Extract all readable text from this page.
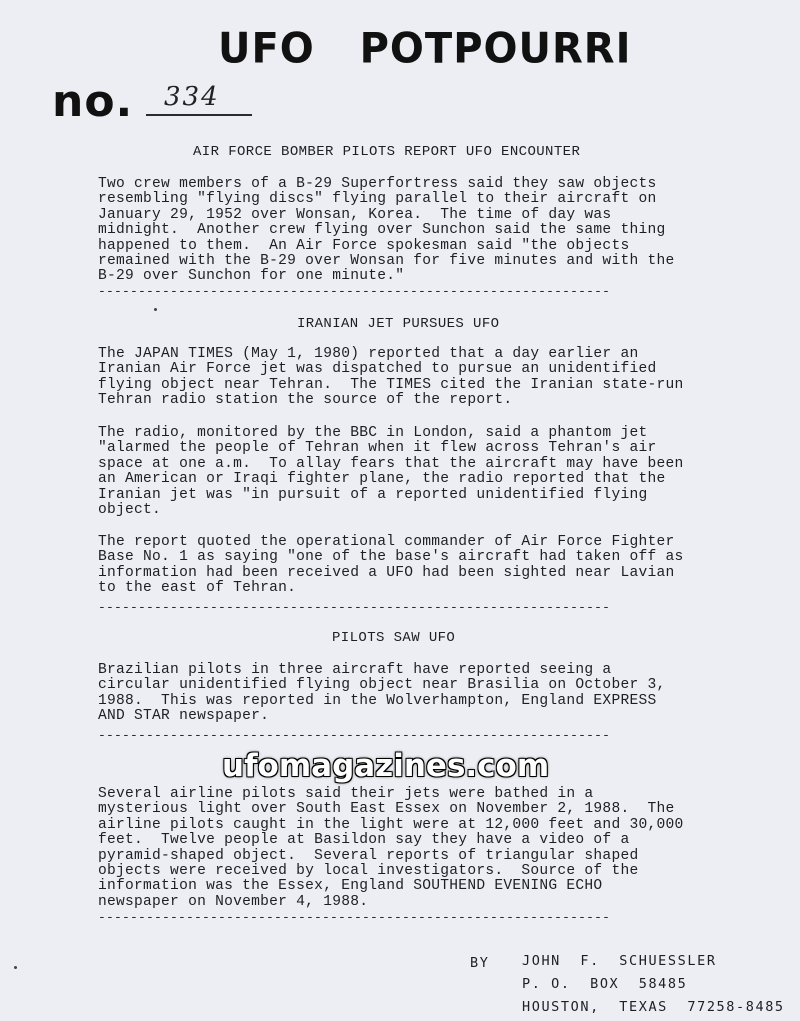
UFO   POTPOURRI
no. 334
AIR FORCE BOMBER PILOTS REPORT UFO ENCOUNTER
Two crew members of a B-29 Superfortress said they saw objects
resembling "flying discs" flying parallel to their aircraft on
January 29, 1952 over Wonsan, Korea.  The time of day was
midnight.  Another crew flying over Sunchon said the same thing
happened to them.  An Air Force spokesman said "the objects
remained with the B-29 over Wonsan for five minutes and with the
B-29 over Sunchon for one minute."
----------------------------------------------------------------
IRANIAN JET PURSUES UFO
The JAPAN TIMES (May 1, 1980) reported that a day earlier an
Iranian Air Force jet was dispatched to pursue an unidentified
flying object near Tehran.  The TIMES cited the Iranian state-run
Tehran radio station the source of the report.
The radio, monitored by the BBC in London, said a phantom jet
"alarmed the people of Tehran when it flew across Tehran's air
space at one a.m.  To allay fears that the aircraft may have been
an American or Iraqi fighter plane, the radio reported that the
Iranian jet was "in pursuit of a reported unidentified flying
object.
The report quoted the operational commander of Air Force Fighter
Base No. 1 as saying "one of the base's aircraft had taken off as
information had been received a UFO had been sighted near Lavian
to the east of Tehran.
----------------------------------------------------------------
PILOTS SAW UFO
Brazilian pilots in three aircraft have reported seeing a
circular unidentified flying object near Brasilia on October 3,
1988.  This was reported in the Wolverhampton, England EXPRESS
AND STAR newspaper.
----------------------------------------------------------------
ufomagazines.com
Several airline pilots said their jets were bathed in a
mysterious light over South East Essex on November 2, 1988.  The
airline pilots caught in the light were at 12,000 feet and 30,000
feet.  Twelve people at Basildon say they have a video of a
pyramid-shaped object.  Several reports of triangular shaped
objects were received by local investigators.  Source of the
information was the Essex, England SOUTHEND EVENING ECHO
newspaper on November 4, 1988.
----------------------------------------------------------------
BY JOHN  F.  SCHUESSLER
P. O.  BOX  58485
HOUSTON,  TEXAS  77258-8485
